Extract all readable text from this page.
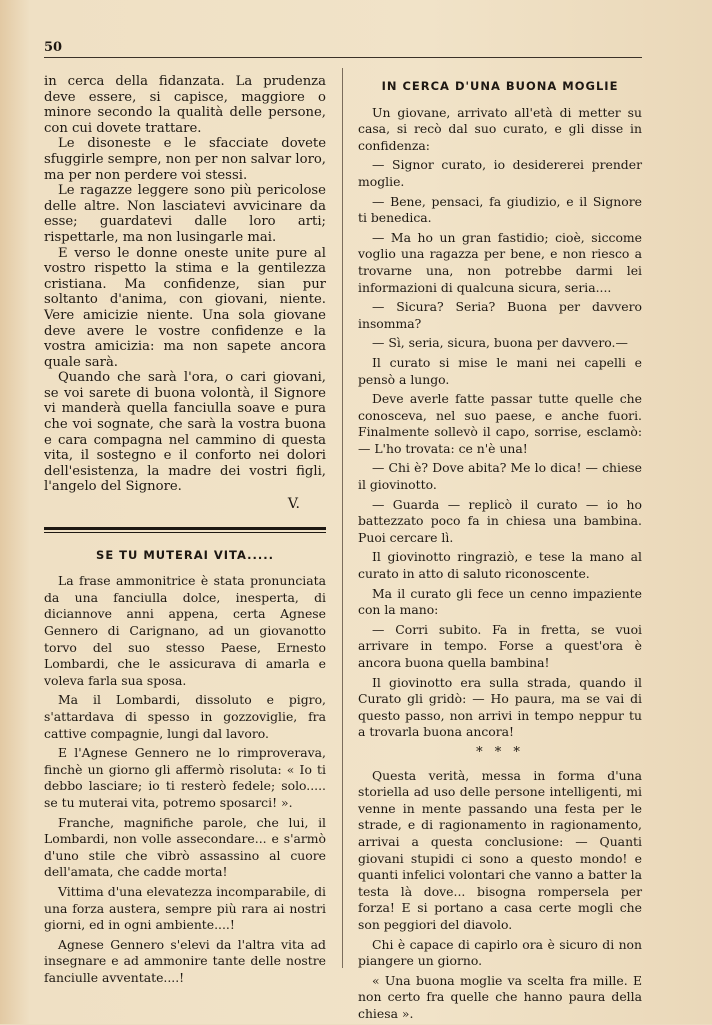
50

in cerca della fidanzata. La prudenza deve essere, si capisce, maggiore o minore secondo la qualità delle persone, con cui dovete trattare.

Le disoneste e le sfacciate dovete sfuggirle sempre, non per non salvar loro, ma per non perdere voi stessi.

Le ragazze leggere sono più pericolose delle altre. Non lasciatevi avvicinare da esse; guardatevi dalle loro arti; rispettarle, ma non lusingarle mai.

E verso le donne oneste unite pure al vostro rispetto la stima e la gentilezza cristiana. Ma confidenze, sian pur soltanto d'anima, con giovani, niente. Vere amicizie niente. Una sola giovane deve avere le vostre confidenze e la vostra amicizia: ma non sapete ancora quale sarà.

Quando che sarà l'ora, o cari giovani, se voi sarete di buona volontà, il Signore vi manderà quella fanciulla soave e pura che voi sognate, che sarà la vostra buona e cara compagna nel cammino di questa vita, il sostegno e il conforto nei dolori dell'esistenza, la madre dei vostri figli, l'angelo del Signore.

V.

SE TU MUTERAI VITA.....

La frase ammonitrice è stata pronunciata da una fanciulla dolce, inesperta, di diciannove anni appena, certa Agnese Gennero di Carignano, ad un giovanotto torvo del suo stesso Paese, Ernesto Lombardi, che le assicurava di amarla e voleva farla sua sposa.

Ma il Lombardi, dissoluto e pigro, s'attardava di spesso in gozzoviglie, fra cattive compagnie, lungi dal lavoro.

E l'Agnese Gennero ne lo rimproverava, finchè un giorno gli affermò risoluta: « Io ti debbo lasciare; io ti resterò fedele; solo..... se tu muterai vita, potremo sposarci! ».

Franche, magnifiche parole, che lui, il Lombardi, non volle assecondare... e s'armò d'uno stile che vibrò assassino al cuore dell'amata, che cadde morta!

Vittima d'una elevatezza incomparabile, di una forza austera, sempre più rara ai nostri giorni, ed in ogni ambiente....!

Agnese Gennero s'elevi da l'altra vita ad insegnare e ad ammonire tante delle nostre fanciulle avventate....!

IN CERCA D'UNA BUONA MOGLIE

Un giovane, arrivato all'età di metter su casa, si recò dal suo curato, e gli disse in confidenza:

— Signor curato, io desidererei prender moglie.

— Bene, pensaci, fa giudizio, e il Signore ti benedica.

— Ma ho un gran fastidio; cioè, siccome voglio una ragazza per bene, e non riesco a trovarne una, non potrebbe darmi lei informazioni di qualcuna sicura, seria....

— Sicura? Seria? Buona per davvero insomma?

— Sì, seria, sicura, buona per davvero.—

Il curato si mise le mani nei capelli e pensò a lungo.

Deve averle fatte passar tutte quelle che conosceva, nel suo paese, e anche fuori. Finalmente sollevò il capo, sorrise, esclamò: — L'ho trovata: ce n'è una!

— Chi è? Dove abita? Me lo dica! — chiese il giovinotto.

— Guarda — replicò il curato — io ho battezzato poco fa in chiesa una bambina. Puoi cercare lì.

Il giovinotto ringraziò, e tese la mano al curato in atto di saluto riconoscente.

Ma il curato gli fece un cenno impaziente con la mano:

— Corri subito. Fa in fretta, se vuoi arrivare in tempo. Forse a quest'ora è ancora buona quella bambina!

Il giovinotto era sulla strada, quando il Curato gli gridò: — Ho paura, ma se vai di questo passo, non arrivi in tempo neppur tu a trovarla buona ancora!

* * *

Questa verità, messa in forma d'una storiella ad uso delle persone intelligenti, mi venne in mente passando una festa per le strade, e di ragionamento in ragionamento, arrivai a questa conclusione: — Quanti giovani stupidi ci sono a questo mondo! e quanti infelici volontari che vanno a batter la testa là dove... bisogna rompersela per forza! E si portano a casa certe mogli che son peggiori del diavolo.

Chi è capace di capirlo ora è sicuro di non piangere un giorno.

« Una buona moglie va scelta fra mille. E non certo fra quelle che hanno paura della chiesa ».
